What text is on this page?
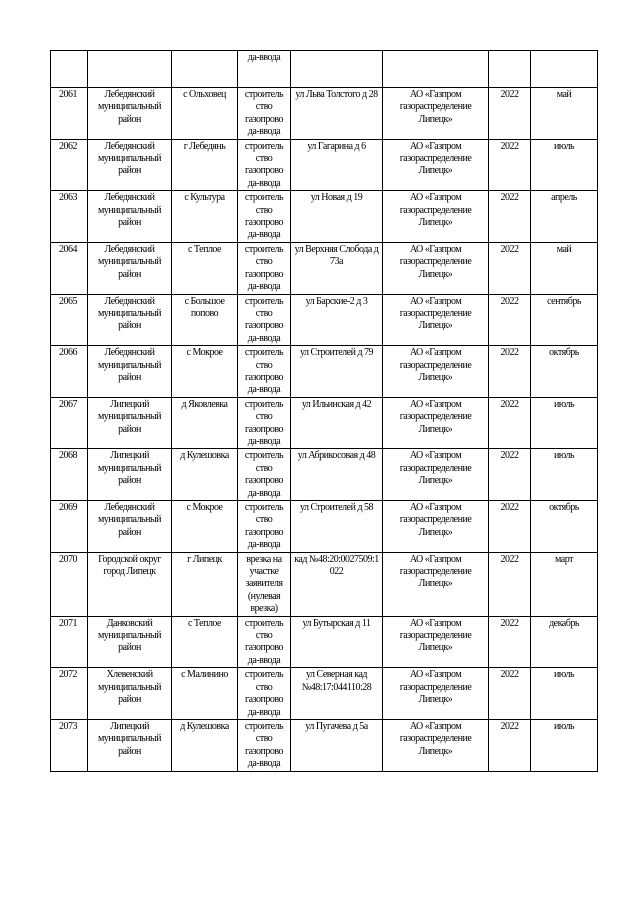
			да-ввода				
2061	Лебедянский муниципальный район	с Ольховец	строитель ство газопрово да-ввода	ул Льва Толстого д 28	АО «Газпром газораспределение Липецк»	2022	май
2062	Лебедянский муниципальный район	г Лебедянь	строитель ство газопрово да-ввода	ул Гагарина д 6	АО «Газпром газораспределение Липецк»	2022	июль
2063	Лебедянский муниципальный район	с Культура	строитель ство газопрово да-ввода	ул Новая д 19	АО «Газпром газораспределение Липецк»	2022	апрель
2064	Лебедянский муниципальный район	с Теплое	строитель ство газопрово да-ввода	ул Верхняя Слобода д 73а	АО «Газпром газораспределение Липецк»	2022	май
2065	Лебедянский муниципальный район	с Большое попово	строитель ство газопрово да-ввода	ул Барские-2 д 3	АО «Газпром газораспределение Липецк»	2022	сентябрь
2066	Лебедянский муниципальный район	с Мокрое	строитель ство газопрово да-ввода	ул Строителей д 79	АО «Газпром газораспределение Липецк»	2022	октябрь
2067	Липецкий муниципальный район	д Яковлевка	строитель ство газопрово да-ввода	ул Ильинская д 42	АО «Газпром газораспределение Липецк»	2022	июль
2068	Липецкий муниципальный район	д Кулешовка	строитель ство газопрово да-ввода	ул Абрикосовая д 48	АО «Газпром газораспределение Липецк»	2022	июль
2069	Лебедянский муниципальный район	с Мокрое	строитель ство газопрово да-ввода	ул Строителей д 58	АО «Газпром газораспределение Липецк»	2022	октябрь
2070	Городской округ город Липецк	г Липецк	врезка на участке заявителя (нулевая врезка)	кад №48:20:0027509:1 022	АО «Газпром газораспределение Липецк»	2022	март
2071	Данковский муниципальный район	с Теплое	строитель ство газопрово да-ввода	ул Бутырская д 11	АО «Газпром газораспределение Липецк»	2022	декабрь
2072	Хлевенский муниципальный район	с Малинино	строитель ство газопрово да-ввода	ул Северная кад №48:17:044110:28	АО «Газпром газораспределение Липецк»	2022	июль
2073	Липецкий муниципальный район	д Кулешовка	строитель ство газопрово да-ввода	ул Пугачева д 5а	АО «Газпром газораспределение Липецк»	2022	июль
